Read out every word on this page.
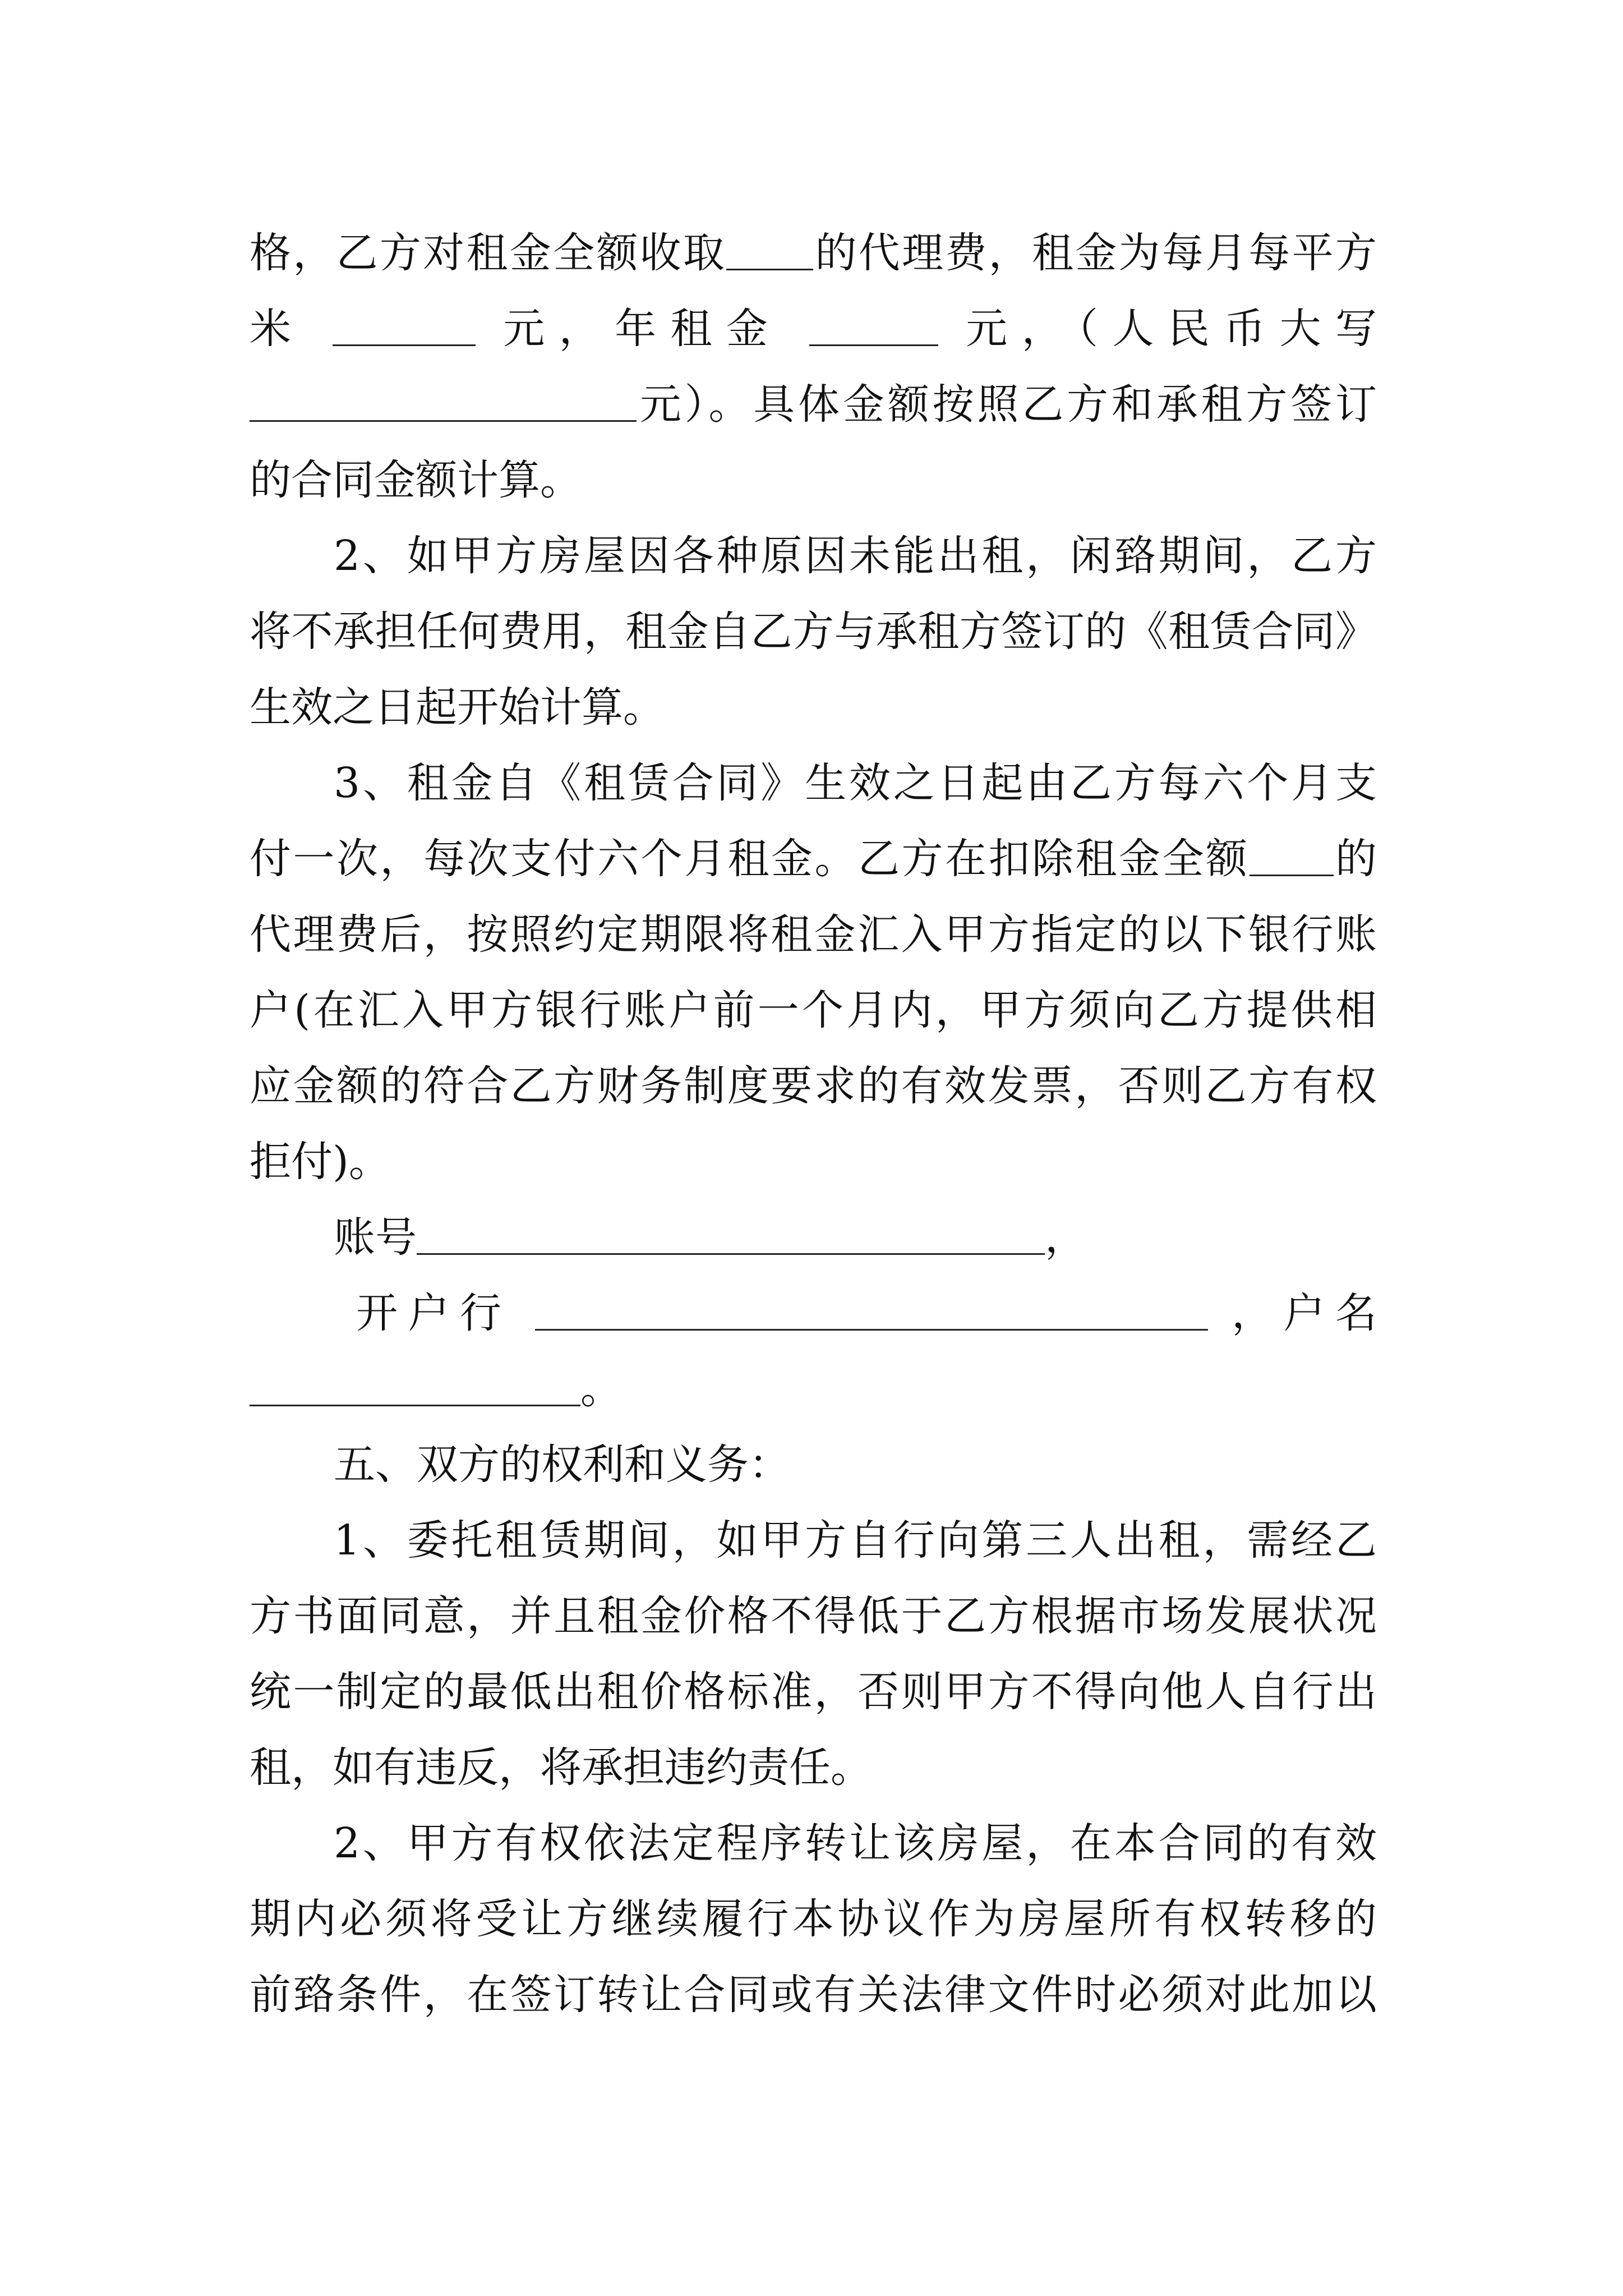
格，乙方对租金全额收取 的代理费，租金为每月每平方
米	元，年租金	元，（人民币大写
元）。具体金额按照乙方和承租方签订
的合同金额计算。
2、如甲方房屋因各种原因未能出租，闲臵期间，乙方
将不承担任何费用，租金自乙方与承租方签订的《租赁合同》
生效之日起开始计算。
3、租金自《租赁合同》生效之日起由乙方每六个月支
付一次，每次支付六个月租金。乙方在扣除租金全额 的
代理费后，按照约定期限将租金汇入甲方指定的以下银行账
户(在汇入甲方银行账户前一个月内，甲方须向乙方提供相
应金额的符合乙方财务制度要求的有效发票，否则乙方有权
拒付)。
账号	，
开户行	，户名
。
五、双方的权利和义务：
1、委托租赁期间，如甲方自行向第三人出租，需经乙
方书面同意，并且租金价格不得低于乙方根据市场发展状况
统一制定的最低出租价格标准，否则甲方不得向他人自行出
租，如有违反，将承担违约责任。
2、甲方有权依法定程序转让该房屋，在本合同的有效
期内必须将受让方继续履行本协议作为房屋所有权转移的
前臵条件，在签订转让合同或有关法律文件时必须对此加以
